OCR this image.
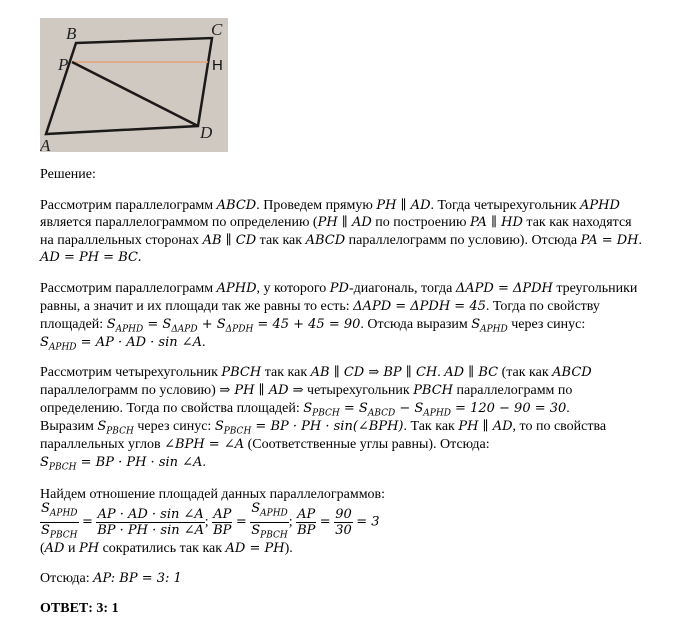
B	C
P	H
A
D
Решение:
Рассмотрим параллелограмм ABCD. Проведем прямую PH ∥ AD. Тогда четырехугольник APHD
является параллелограммом по определению (PH ∥ AD по построению PA ∥ HD так как находятся
на параллельных сторонах AB ∥ CD так как ABCD параллелограмм по условию). Отсюда PA = DH.
AD = PH = BC.
Рассмотрим параллелограмм APHD, у которого PD-диагональ, тогда ΔAPD = ΔPDH треугольники
равны, а значит и их площади так же равны то есть: ΔAPD = ΔPDH = 45. Тогда по свойству
площадей: $S_{APHD} = S_{\Delta APD} + S_{\Delta PDH} = 45 + 45 = 90$. Отсюда выразим $S_{APHD}$ через синус:
$S_{APHD}$ = AP · AD · sin ∠A.
Рассмотрим четырехугольник PBCH так как AB ∥ CD ⇒ BP ∥ CH. AD ∥ BC (так как ABCD
параллелограмм по условию) ⇒ PH ∥ AD ⇒ четырехугольник PBCH параллелограмм по
определению. Тогда по свойства площадей: $S_{PBCH} = S_{ABCD} - S_{APHD} = 120 - 90 = 30$.
Выразим $S_{PBCH}$ через синус: $S_{PBCH}$ = BP · PH · sin(∠BPH). Так как PH ∥ AD, то по свойства
параллельных углов ∠BPH = ∠A (Соответственные углы равны). Отсюда:
$S_{PBCH}$ = BP · PH · sin ∠A.
Найдем отношение площадей данных параллелограммов:
$\frac{S_{APHD}}{S_{PBCH}} = \frac{AP \cdot AD \cdot \sin \angle A}{BP \cdot PH \cdot \sin \angle A}$ ; $\frac{AP}{BP} = \frac{S_{APHD}}{S_{PBCH}}$ ; $\frac{AP}{BP} = \frac{90}{30} = 3$
(AD и PH сократились так как AD = PH).
Отсюда: AP: BP = 3: 1
ОТВЕТ: 3: 1
